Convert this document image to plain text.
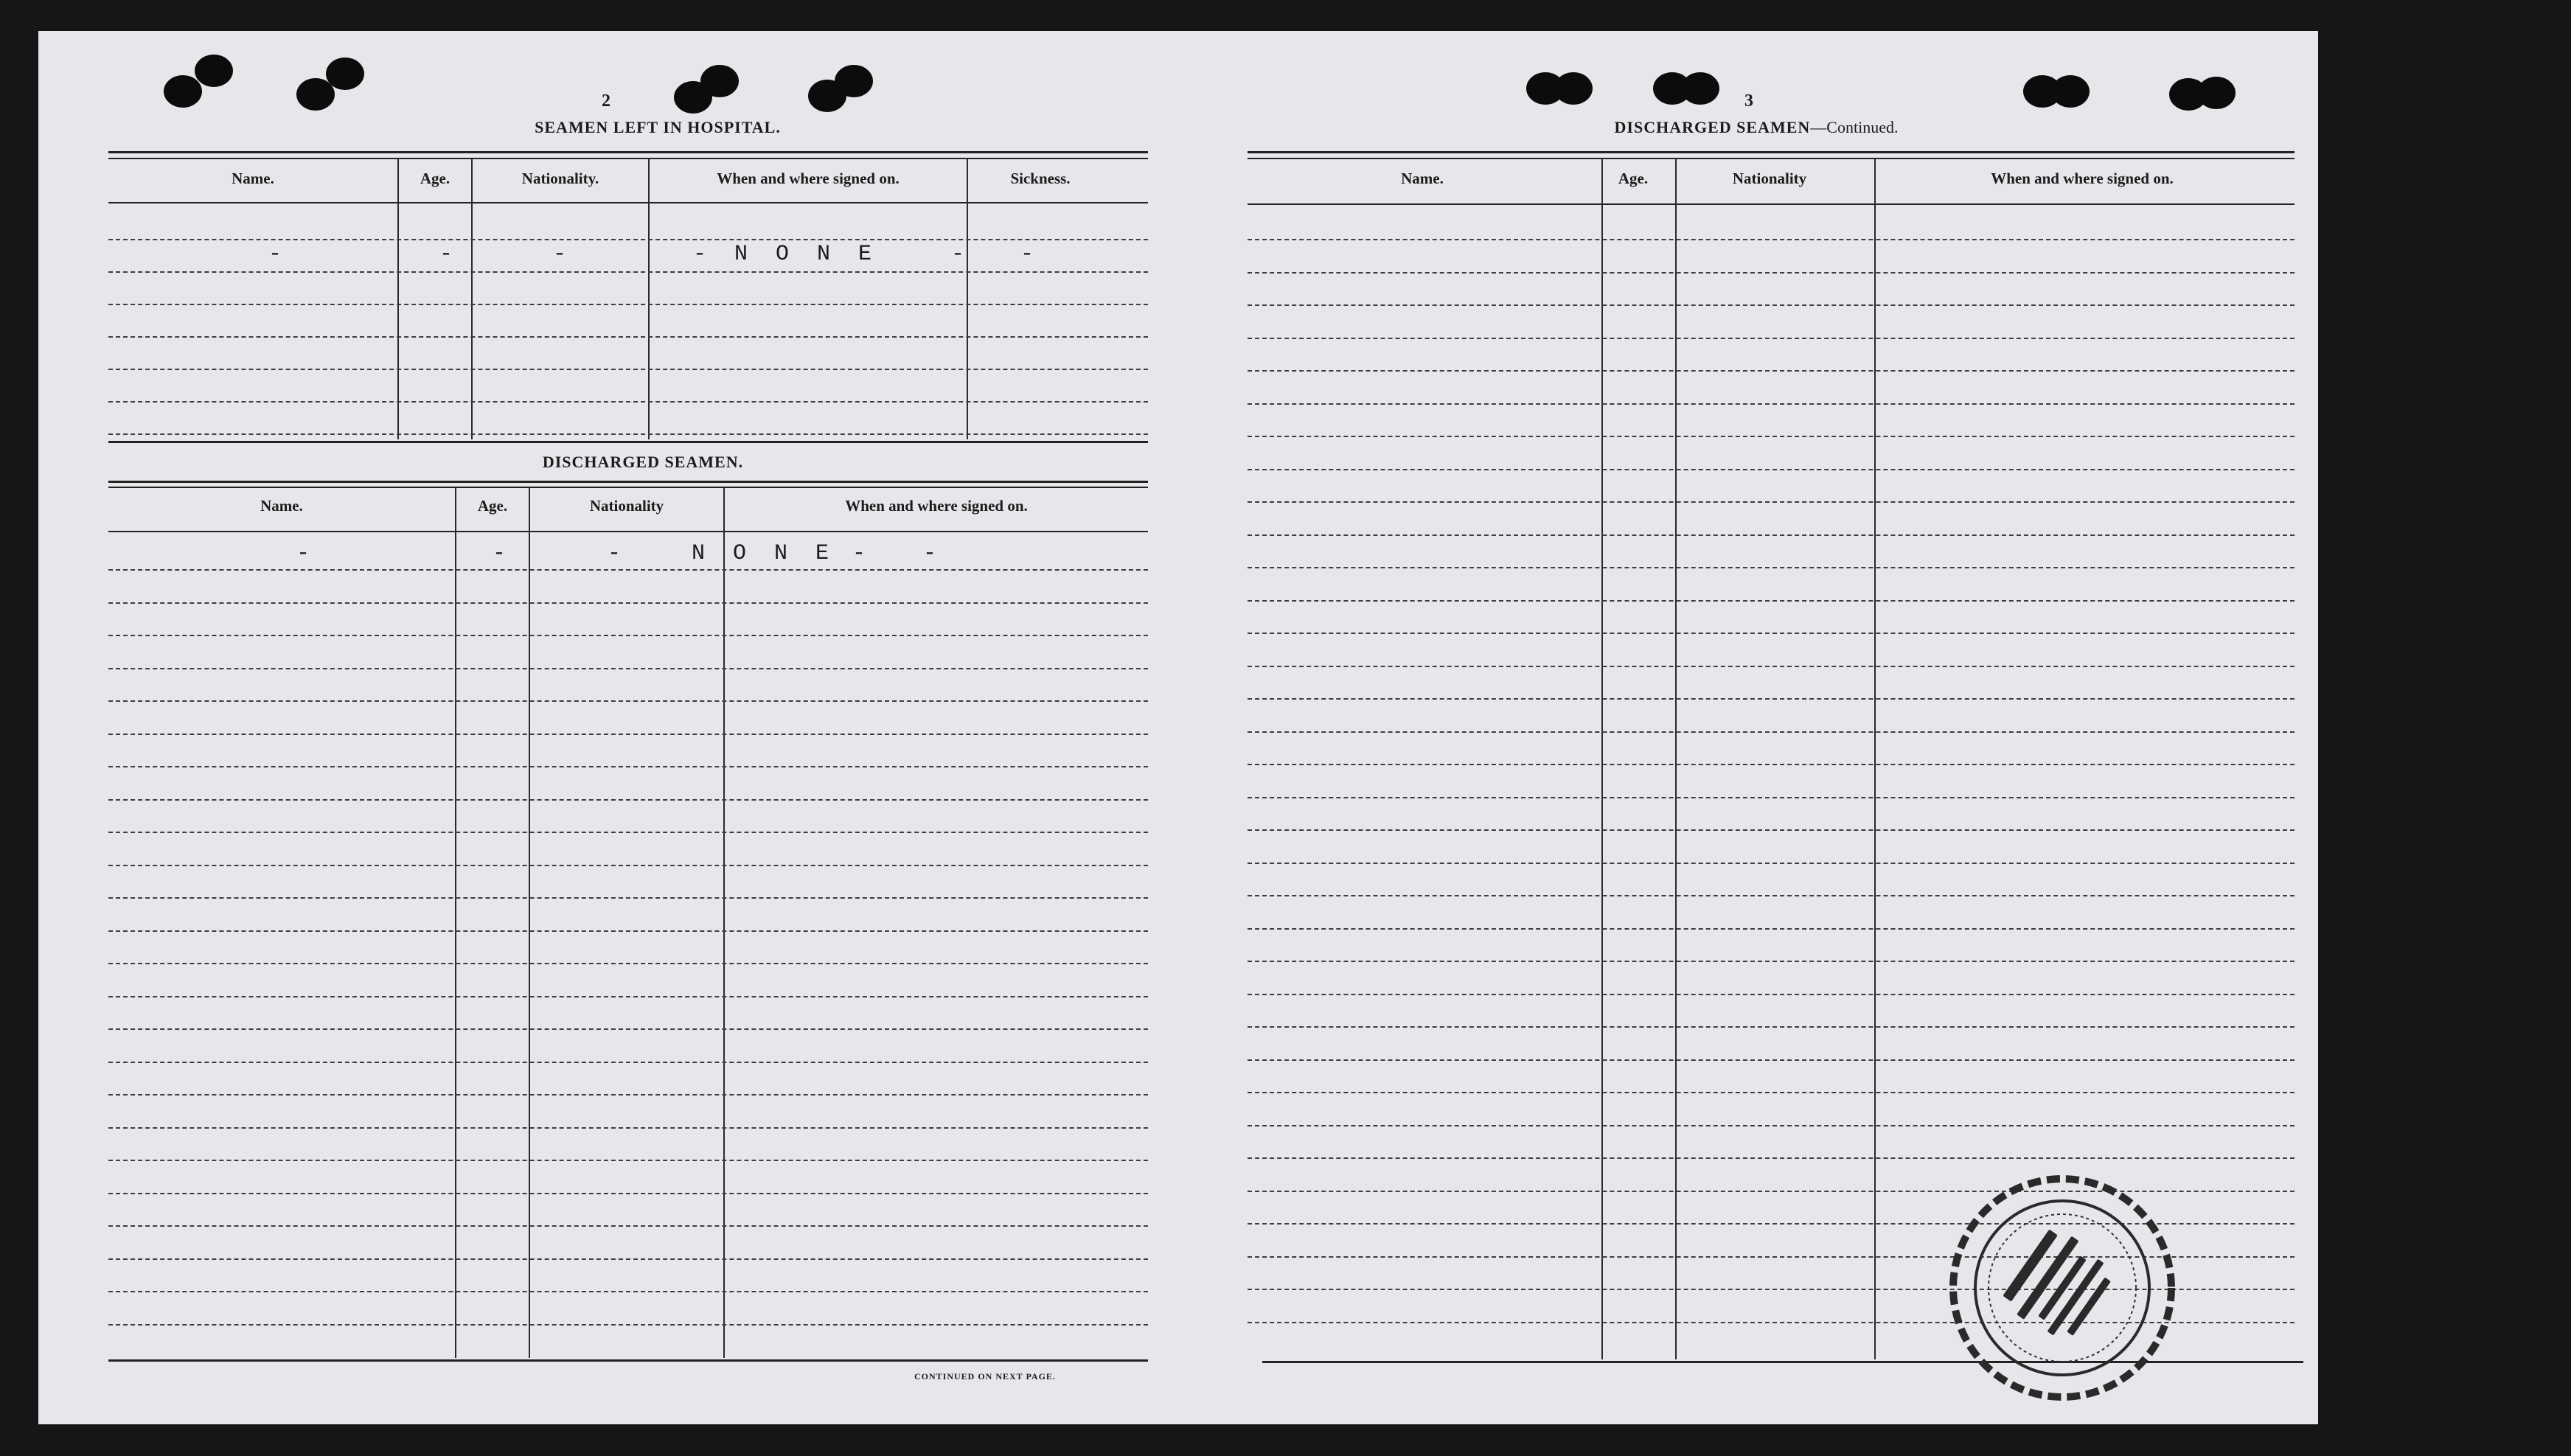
2
SEAMEN LEFT IN HOSPITAL.
Name.	Age.	Nationality.	When and where signed on.	Sickness.
-	-	-	- N O N E	- -
DISCHARGED SEAMEN.
Name.	Age.	Nationality	When and where signed on.
-	-	-	N O N E - -
CONTINUED ON NEXT PAGE.
3
DISCHARGED SEAMEN—Continued.
Name.	Age.	Nationality	When and where signed on.
